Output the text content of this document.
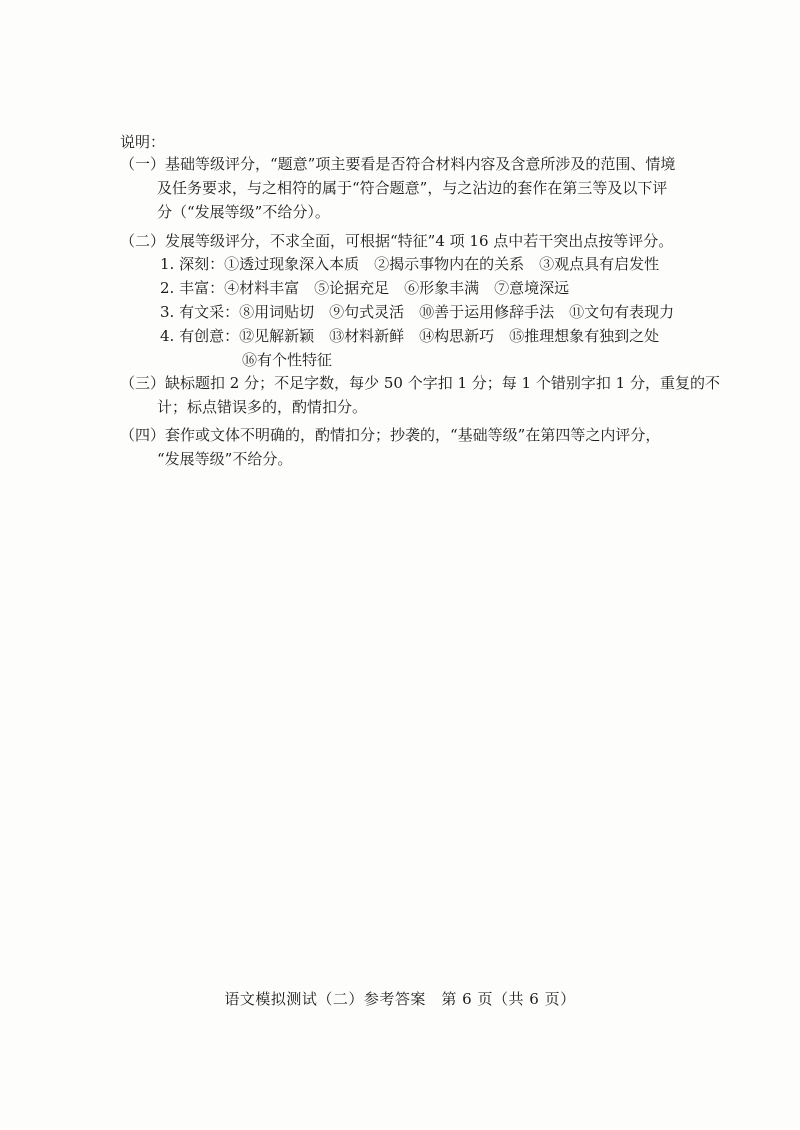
说明：
（一）基础等级评分，“题意”项主要看是否符合材料内容及含意所涉及的范围、情境
及任务要求，与之相符的属于“符合题意”，与之沾边的套作在第三等及以下评
分（“发展等级”不给分）。
（二）发展等级评分，不求全面，可根据“特征”4 项 16 点中若干突出点按等评分。
1. 深刻：①透过现象深入本质　②揭示事物内在的关系　③观点具有启发性
2. 丰富：④材料丰富　⑤论据充足　⑥形象丰满　⑦意境深远
3. 有文采：⑧用词贴切　⑨句式灵活　⑩善于运用修辞手法　⑪文句有表现力
4. 有创意：⑫见解新颖　⑬材料新鲜　⑭构思新巧　⑮推理想象有独到之处
⑯有个性特征
（三）缺标题扣 2 分；不足字数，每少 50 个字扣 1 分；每 1 个错别字扣 1 分，重复的不
计；标点错误多的，酌情扣分。
（四）套作或文体不明确的，酌情扣分；抄袭的，“基础等级”在第四等之内评分，
“发展等级”不给分。
语文模拟测试（二）参考答案　第 6 页（共 6 页）
